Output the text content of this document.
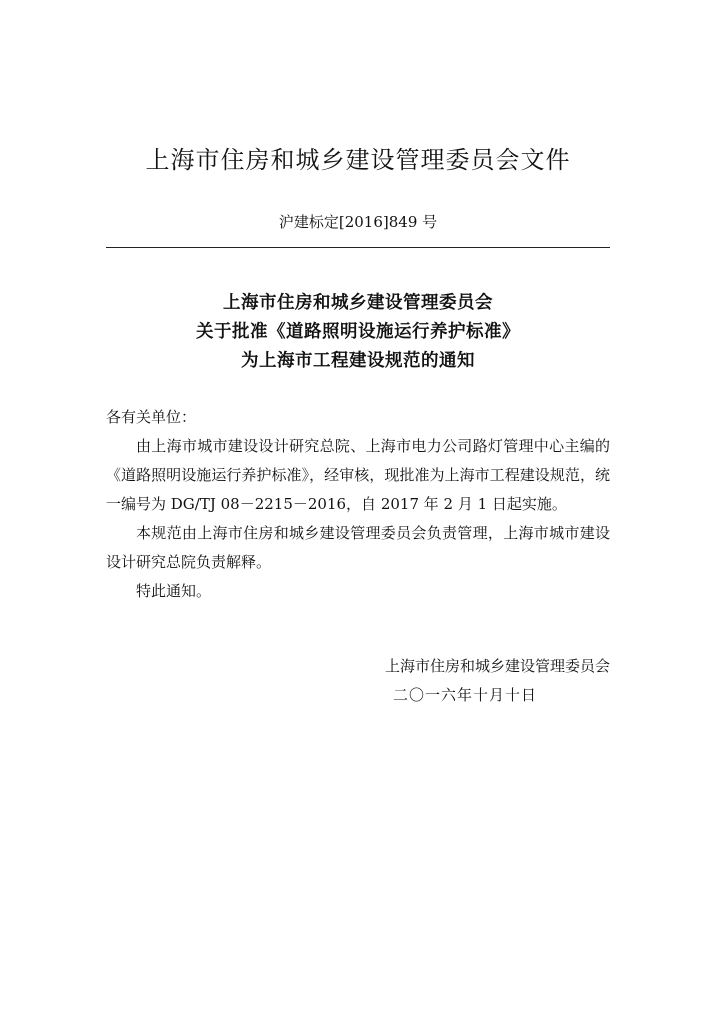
上海市住房和城乡建设管理委员会文件
沪建标定[2016]849 号
上海市住房和城乡建设管理委员会
关于批准《道路照明设施运行养护标准》
为上海市工程建设规范的通知
各有关单位：

由上海市城市建设设计研究总院、上海市电力公司路灯管理中心主编的《道路照明设施运行养护标准》，经审核，现批准为上海市工程建设规范，统一编号为 DG/TJ 08－2215－2016，自 2017 年 2 月 1 日起实施。

本规范由上海市住房和城乡建设管理委员会负责管理，上海市城市建设设计研究总院负责解释。

特此通知。

上海市住房和城乡建设管理委员会
二〇一六年十月十日
